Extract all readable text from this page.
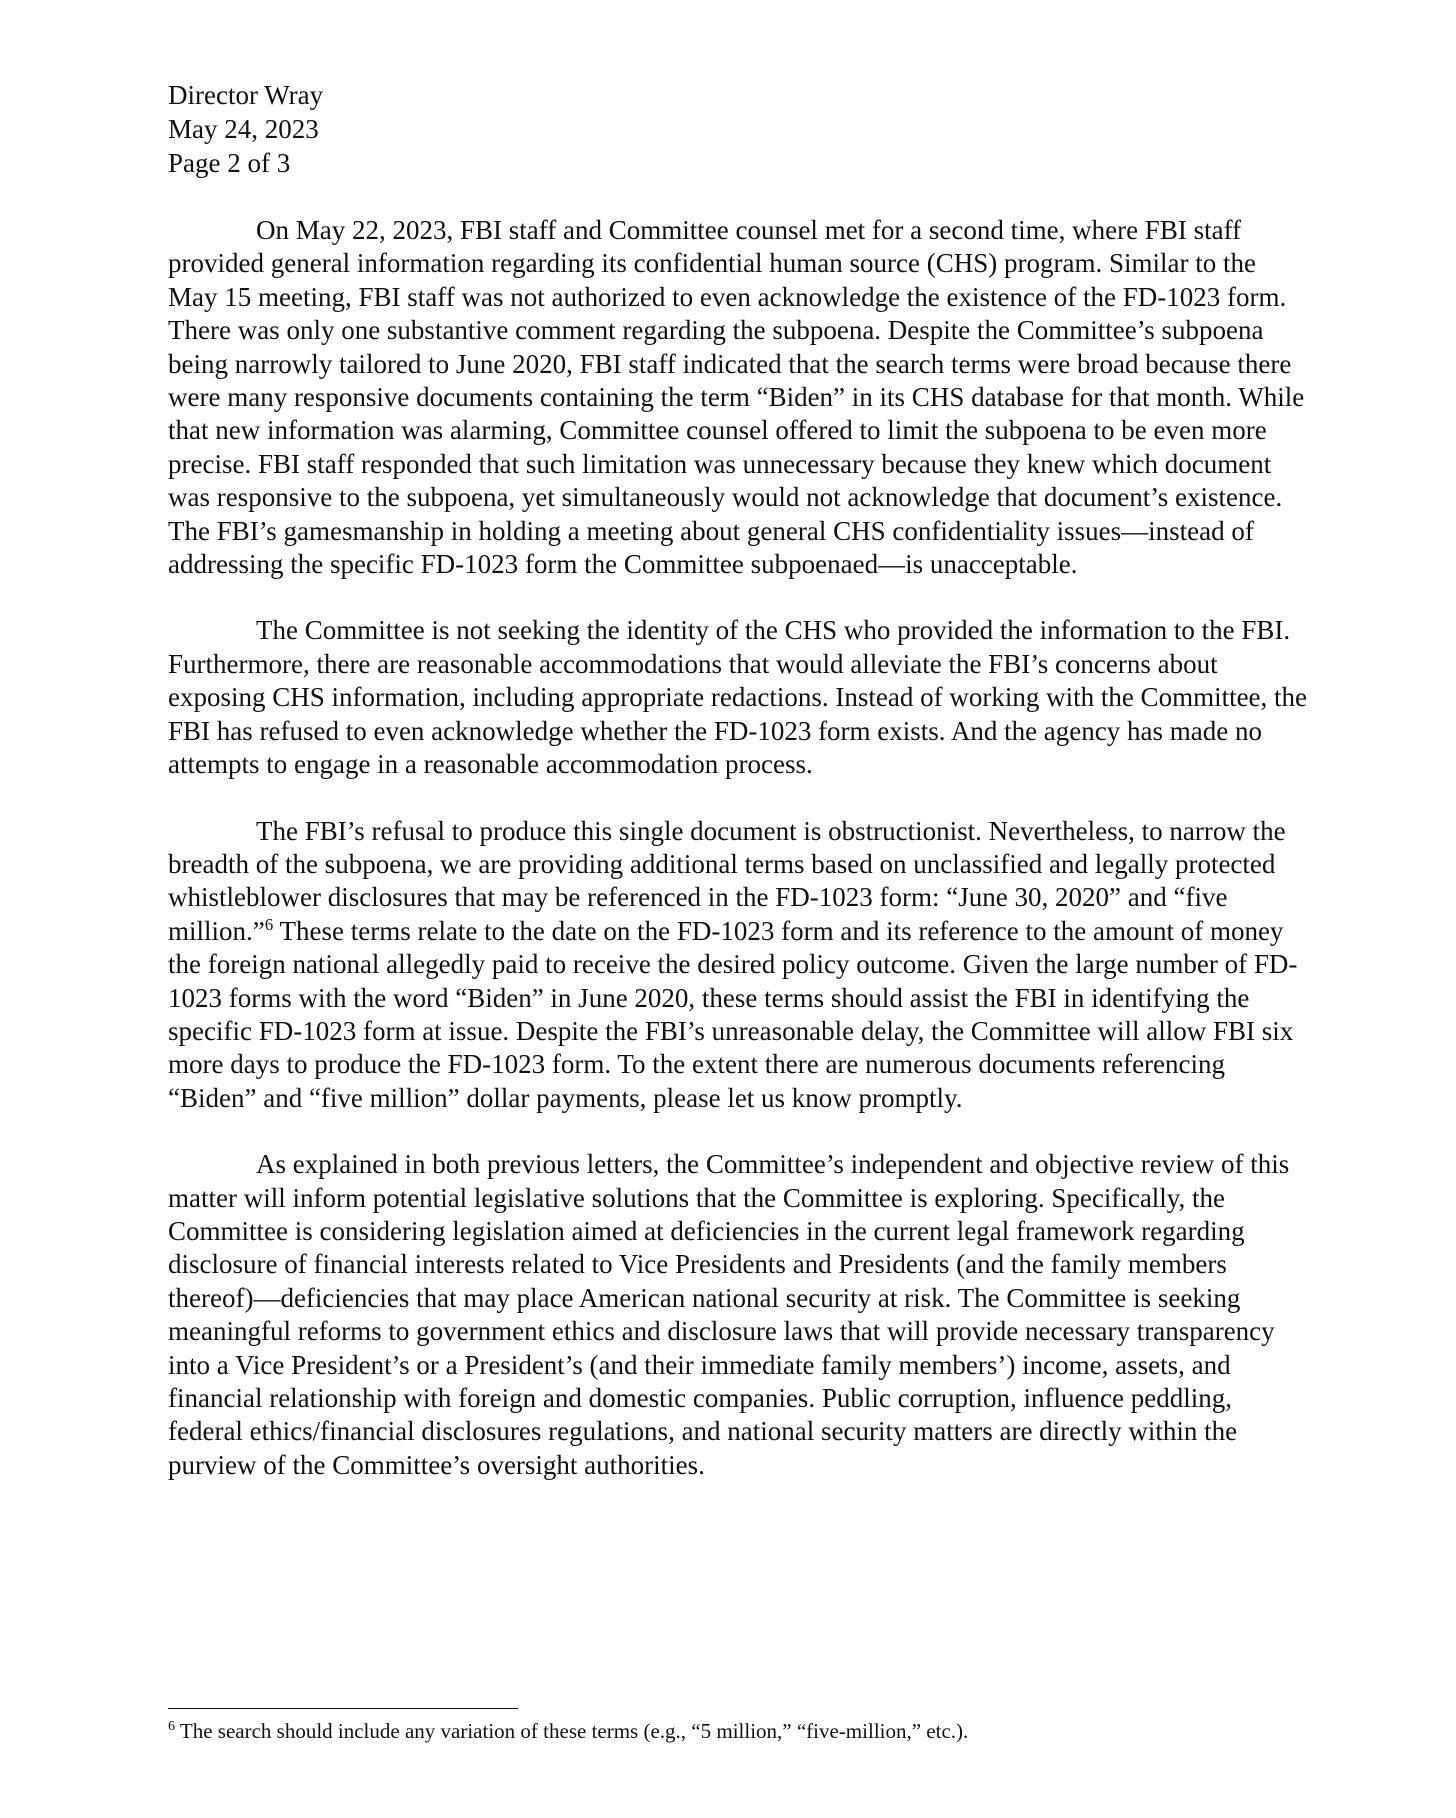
Director Wray
May 24, 2023
Page 2 of 3

On May 22, 2023, FBI staff and Committee counsel met for a second time, where FBI staff provided general information regarding its confidential human source (CHS) program. Similar to the May 15 meeting, FBI staff was not authorized to even acknowledge the existence of the FD-1023 form. There was only one substantive comment regarding the subpoena. Despite the Committee’s subpoena being narrowly tailored to June 2020, FBI staff indicated that the search terms were broad because there were many responsive documents containing the term “Biden” in its CHS database for that month. While that new information was alarming, Committee counsel offered to limit the subpoena to be even more precise. FBI staff responded that such limitation was unnecessary because they knew which document was responsive to the subpoena, yet simultaneously would not acknowledge that document’s existence. The FBI’s gamesmanship in holding a meeting about general CHS confidentiality issues—instead of addressing the specific FD-1023 form the Committee subpoenaed—is unacceptable.

The Committee is not seeking the identity of the CHS who provided the information to the FBI. Furthermore, there are reasonable accommodations that would alleviate the FBI’s concerns about exposing CHS information, including appropriate redactions. Instead of working with the Committee, the FBI has refused to even acknowledge whether the FD-1023 form exists. And the agency has made no attempts to engage in a reasonable accommodation process.

The FBI’s refusal to produce this single document is obstructionist. Nevertheless, to narrow the breadth of the subpoena, we are providing additional terms based on unclassified and legally protected whistleblower disclosures that may be referenced in the FD-1023 form: “June 30, 2020” and “five million.”$^6$ These terms relate to the date on the FD-1023 form and its reference to the amount of money the foreign national allegedly paid to receive the desired policy outcome. Given the large number of FD-1023 forms with the word “Biden” in June 2020, these terms should assist the FBI in identifying the specific FD-1023 form at issue. Despite the FBI’s unreasonable delay, the Committee will allow FBI six more days to produce the FD-1023 form. To the extent there are numerous documents referencing “Biden” and “five million” dollar payments, please let us know promptly.

As explained in both previous letters, the Committee’s independent and objective review of this matter will inform potential legislative solutions that the Committee is exploring. Specifically, the Committee is considering legislation aimed at deficiencies in the current legal framework regarding disclosure of financial interests related to Vice Presidents and Presidents (and the family members thereof)—deficiencies that may place American national security at risk. The Committee is seeking meaningful reforms to government ethics and disclosure laws that will provide necessary transparency into a Vice President’s or a President’s (and their immediate family members’) income, assets, and financial relationship with foreign and domestic companies. Public corruption, influence peddling, federal ethics/financial disclosures regulations, and national security matters are directly within the purview of the Committee’s oversight authorities.

$^6$ The search should include any variation of these terms (e.g., “5 million,” “five-million,” etc.).
